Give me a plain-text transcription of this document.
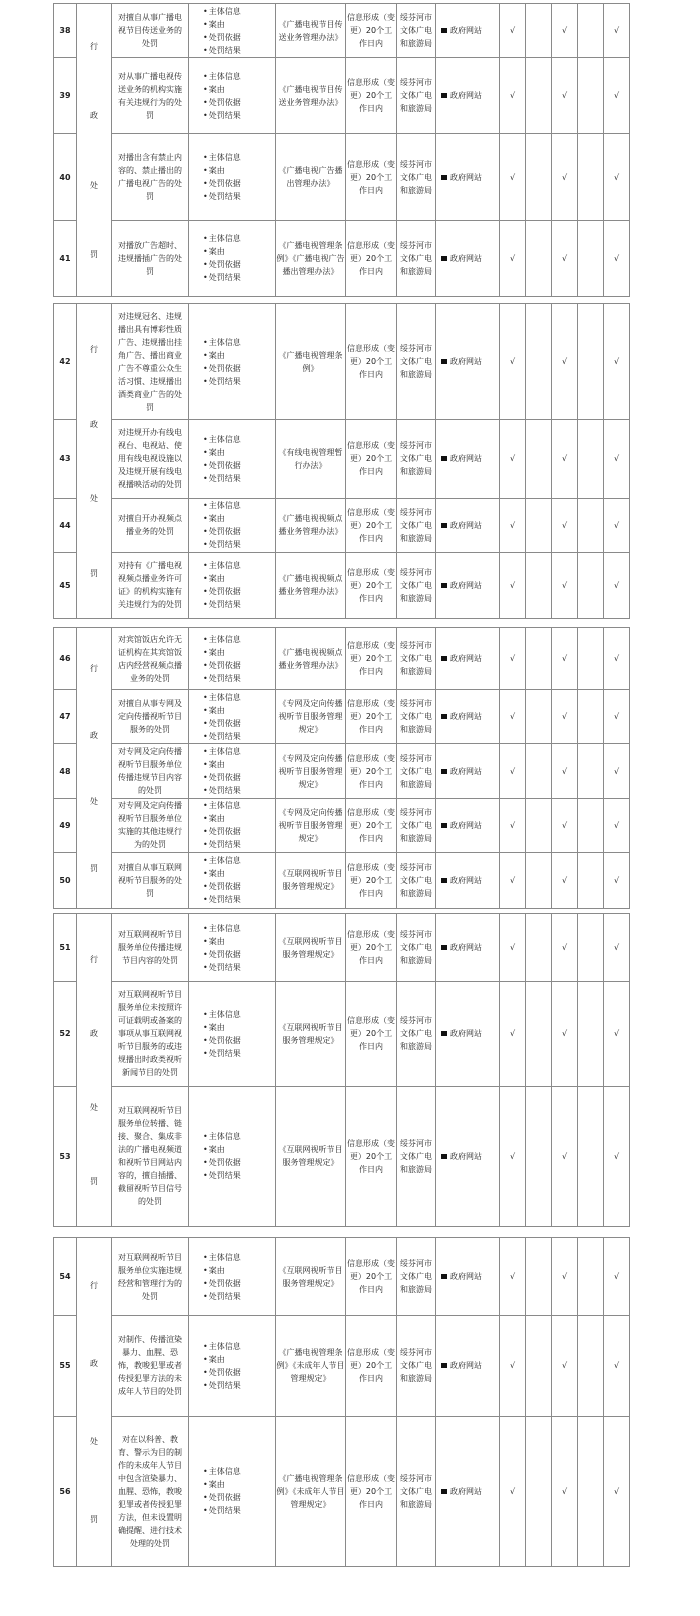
38	行
政
处
罚	对擅自从事广播电视节目传送业务的处罚	• 主体信息
• 案由
• 处罚依据
• 处罚结果	《广播电视节目传送业务管理办法》	信息形成（变更）20个工作日内	绥芬河市文体广电和旅游局	政府网站	√		√		√
39		对从事广播电视传送业务的机构实施有关违规行为的处罚	• 主体信息
• 案由
• 处罚依据
• 处罚结果	《广播电视节目传送业务管理办法》	信息形成（变更）20个工作日内	绥芬河市文体广电和旅游局	政府网站	√		√		√
40		对播出含有禁止内容的、禁止播出的广播电视广告的处罚	• 主体信息
• 案由
• 处罚依据
• 处罚结果	《广播电视广告播出管理办法》	信息形成（变更）20个工作日内	绥芬河市文体广电和旅游局	政府网站	√		√		√
41		对播放广告超时、违规播插广告的处罚	• 主体信息
• 案由
• 处罚依据
• 处罚结果	《广播电视管理条例》《广播电视广告播出管理办法》	信息形成（变更）20个工作日内	绥芬河市文体广电和旅游局	政府网站	√		√		√
42	行
政
处
罚	对违规冠名、违规播出具有博彩性质广告、违规播出挂角广告、播出商业广告不尊重公众生活习惯、违规播出酒类商业广告的处罚	• 主体信息
• 案由
• 处罚依据
• 处罚结果	《广播电视管理条例》	信息形成（变更）20个工作日内	绥芬河市文体广电和旅游局	政府网站	√		√		√
43		对违规开办有线电视台、电视站、使用有线电视设施以及违规开展有线电视播映活动的处罚	• 主体信息
• 案由
• 处罚依据
• 处罚结果	《有线电视管理暂行办法》	信息形成（变更）20个工作日内	绥芬河市文体广电和旅游局	政府网站	√		√		√
44		对擅自开办视频点播业务的处罚	• 主体信息
• 案由
• 处罚依据
• 处罚结果	《广播电视视频点播业务管理办法》	信息形成（变更）20个工作日内	绥芬河市文体广电和旅游局	政府网站	√		√		√
45		对持有《广播电视视频点播业务许可证》的机构实施有关违规行为的处罚	• 主体信息
• 案由
• 处罚依据
• 处罚结果	《广播电视视频点播业务管理办法》	信息形成（变更）20个工作日内	绥芬河市文体广电和旅游局	政府网站	√		√		√
46	行
政
处
罚	对宾馆饭店允许无证机构在其宾馆饭店内经营视频点播业务的处罚	• 主体信息
• 案由
• 处罚依据
• 处罚结果	《广播电视视频点播业务管理办法》	信息形成（变更）20个工作日内	绥芬河市文体广电和旅游局	政府网站	√		√		√
47		对擅自从事专网及定向传播视听节目服务的处罚	• 主体信息
• 案由
• 处罚依据
• 处罚结果	《专网及定向传播视听节目服务管理规定》	信息形成（变更）20个工作日内	绥芬河市文体广电和旅游局	政府网站	√		√		√
48		对专网及定向传播视听节目服务单位传播违规节目内容的处罚	• 主体信息
• 案由
• 处罚依据
• 处罚结果	《专网及定向传播视听节目服务管理规定》	信息形成（变更）20个工作日内	绥芬河市文体广电和旅游局	政府网站	√		√		√
49		对专网及定向传播视听节目服务单位实施的其他违规行为的处罚	• 主体信息
• 案由
• 处罚依据
• 处罚结果	《专网及定向传播视听节目服务管理规定》	信息形成（变更）20个工作日内	绥芬河市文体广电和旅游局	政府网站	√		√		√
50		对擅自从事互联网视听节目服务的处罚	• 主体信息
• 案由
• 处罚依据
• 处罚结果	《互联网视听节目服务管理规定》	信息形成（变更）20个工作日内	绥芬河市文体广电和旅游局	政府网站	√		√		√
51	行
政
处
罚	对互联网视听节目服务单位传播违规节目内容的处罚	• 主体信息
• 案由
• 处罚依据
• 处罚结果	《互联网视听节目服务管理规定》	信息形成（变更）20个工作日内	绥芬河市文体广电和旅游局	政府网站	√		√		√
52		对互联网视听节目服务单位未按照许可证载明或备案的事项从事互联网视听节目服务的或违规播出时政类视听新闻节目的处罚	• 主体信息
• 案由
• 处罚依据
• 处罚结果	《互联网视听节目服务管理规定》	信息形成（变更）20个工作日内	绥芬河市文体广电和旅游局	政府网站	√		√		√
53		对互联网视听节目服务单位转播、链接、聚合、集成非法的广播电视频道和视听节目网站内容的，擅自插播、截留视听节目信号的处罚	• 主体信息
• 案由
• 处罚依据
• 处罚结果	《互联网视听节目服务管理规定》	信息形成（变更）20个工作日内	绥芬河市文体广电和旅游局	政府网站	√		√		√
54	行
政
处
罚	对互联网视听节目服务单位实施违规经营和管理行为的处罚	• 主体信息
• 案由
• 处罚依据
• 处罚结果	《互联网视听节目服务管理规定》	信息形成（变更）20个工作日内	绥芬河市文体广电和旅游局	政府网站	√		√		√
55		对制作、传播渲染暴力、血腥、恐怖，教唆犯罪或者传授犯罪方法的未成年人节目的处罚	• 主体信息
• 案由
• 处罚依据
• 处罚结果	《广播电视管理条例》《未成年人节目管理规定》	信息形成（变更）20个工作日内	绥芬河市文体广电和旅游局	政府网站	√		√		√
56		对在以科普、教育、警示为目的制作的未成年人节目中包含渲染暴力、血腥、恐怖，教唆犯罪或者传授犯罪方法，但未设置明确提醒、进行技术处理的处罚	• 主体信息
• 案由
• 处罚依据
• 处罚结果	《广播电视管理条例》《未成年人节目管理规定》	信息形成（变更）20个工作日内	绥芬河市文体广电和旅游局	政府网站	√		√		√
